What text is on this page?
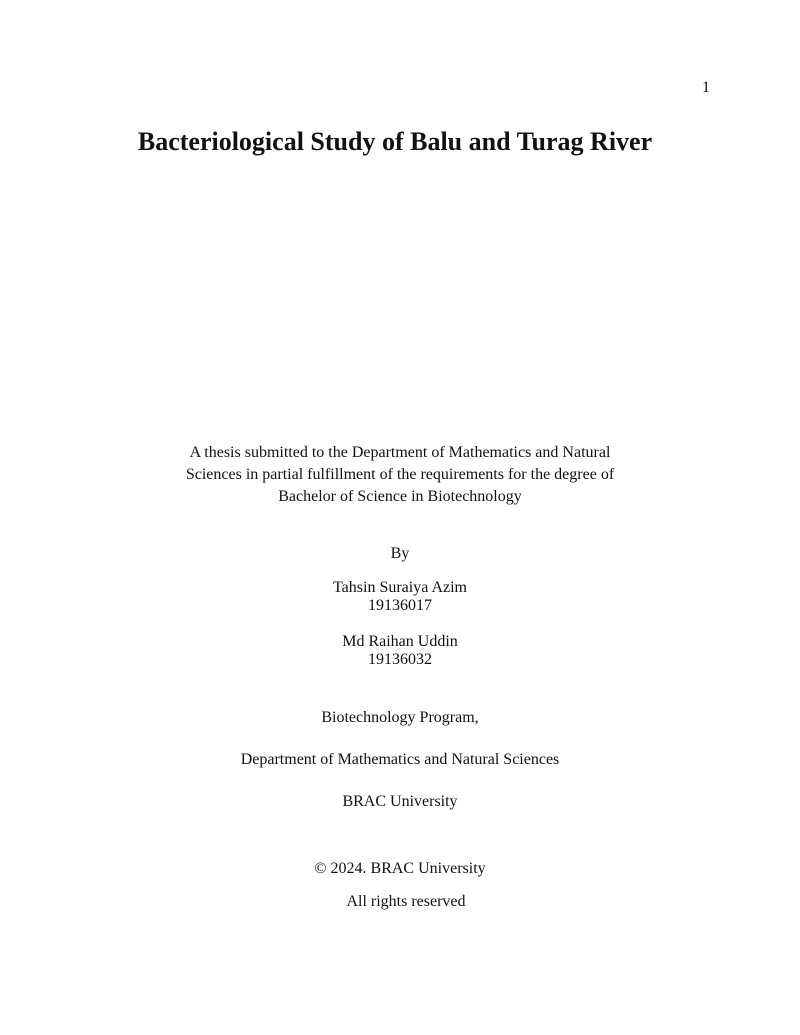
1
Bacteriological Study of Balu and Turag River
A thesis submitted to the Department of Mathematics and Natural
Sciences in partial fulfillment of the requirements for the degree of
Bachelor of Science in Biotechnology
By
Tahsin Suraiya Azim
19136017
Md Raihan Uddin
19136032
Biotechnology Program,
Department of Mathematics and Natural Sciences
BRAC University
© 2024. BRAC University
All rights reserved
